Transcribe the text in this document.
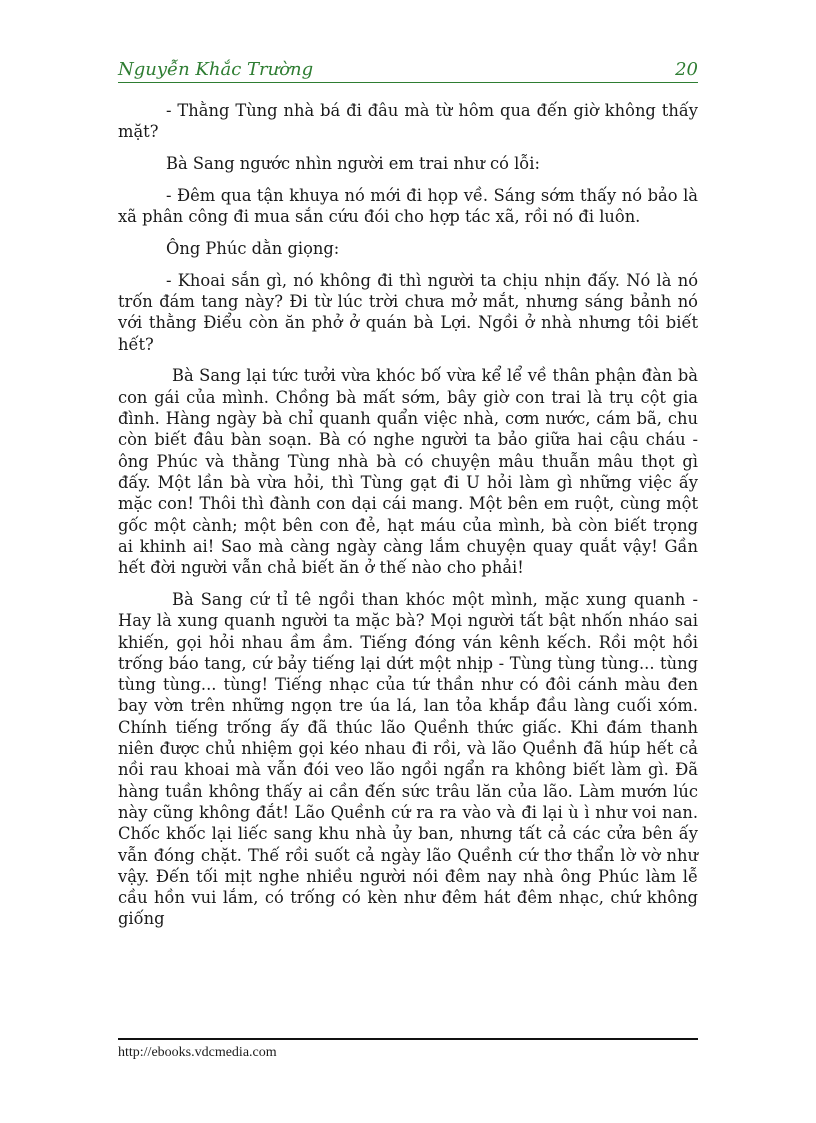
Nguyễn Khắc Trường	20

- Thằng Tùng nhà bá đi đâu mà từ hôm qua đến giờ không thấy mặt?

Bà Sang ngước nhìn người em trai như có lỗi:

- Đêm qua tận khuya nó mới đi họp về. Sáng sớm thấy nó bảo là xã phân công đi mua sắn cứu đói cho hợp tác xã, rồi nó đi luôn.

Ông Phúc dằn giọng:

- Khoai sắn gì, nó không đi thì người ta chịu nhịn đấy. Nó là nó trốn đám tang này? Đi từ lúc trời chưa mở mắt, nhưng sáng bảnh nó với thằng Điểu còn ăn phở ở quán bà Lợi. Ngồi ở nhà nhưng tôi biết hết?

Bà Sang lại tức tưởi vừa khóc bố vừa kể lể về thân phận đàn bà con gái của mình. Chồng bà mất sớm, bây giờ con trai là trụ cột gia đình. Hàng ngày bà chỉ quanh quẩn việc nhà, cơm nước, cám bã, chu còn biết đâu bàn soạn. Bà có nghe người ta bảo giữa hai cậu cháu - ông Phúc và thằng Tùng nhà bà có chuyện mâu thuẫn mâu thọt gì đấy. Một lần bà vừa hỏi, thì Tùng gạt đi U hỏi làm gì những việc ấy mặc con! Thôi thì đành con dại cái mang. Một bên em ruột, cùng một gốc một cành; một bên con đẻ, hạt máu của mình, bà còn biết trọng ai khinh ai! Sao mà càng ngày càng lắm chuyện quay quắt vậy! Gần hết đời người vẫn chả biết ăn ở thế nào cho phải!

Bà Sang cứ tỉ tê ngồi than khóc một mình, mặc xung quanh - Hay là xung quanh người ta mặc bà? Mọi người tất bật nhốn nháo sai khiến, gọi hỏi nhau ầm ầm. Tiếng đóng ván kênh kếch. Rồi một hồi trống báo tang, cứ bảy tiếng lại dứt một nhịp - Tùng tùng tùng... tùng tùng tùng... tùng! Tiếng nhạc của tứ thần như có đôi cánh màu đen bay vờn trên những ngọn tre úa lá, lan tỏa khắp đầu làng cuối xóm. Chính tiếng trống ấy đã thúc lão Quềnh thức giấc. Khi đám thanh niên được chủ nhiệm gọi kéo nhau đi rồi, và lão Quềnh đã húp hết cả nồi rau khoai mà vẫn đói veo lão ngồi ngẩn ra không biết làm gì. Đã hàng tuần không thấy ai cần đến sức trâu lăn của lão. Làm mướn lúc này cũng không đắt! Lão Quềnh cứ ra ra vào và đi lại ù ì như voi nan. Chốc khốc lại liếc sang khu nhà ủy ban, nhưng tất cả các cửa bên ấy vẫn đóng chặt. Thế rồi suốt cả ngày lão Quềnh cứ thơ thẩn lờ vờ như vậy. Đến tối mịt nghe nhiều người nói đêm nay nhà ông Phúc làm lễ cầu hồn vui lắm, có trống có kèn như đêm hát đêm nhạc, chứ không giống

http://ebooks.vdcmedia.com
